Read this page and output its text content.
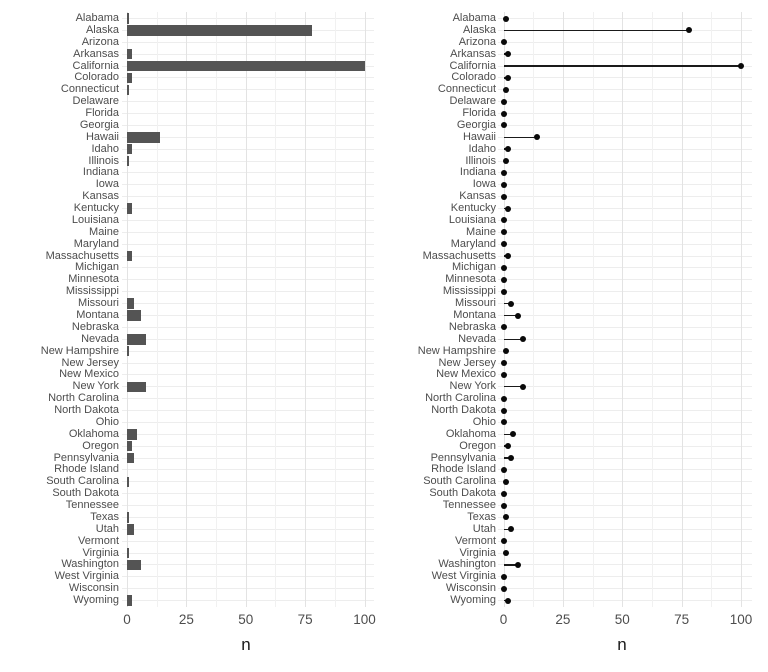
n
Alabama
Alaska
Arizona
Arkansas
California
Colorado
Connecticut
Delaware
Florida
Georgia
Hawaii
Idaho
Illinois
Indiana
Iowa
Kansas
Kentucky
Louisiana
Maine
Maryland
Massachusetts
Michigan
Minnesota
Mississippi
Missouri
Montana
Nebraska
Nevada
New Hampshire
New Jersey
New Mexico
New York
North Carolina
North Dakota
Ohio
Oklahoma
Oregon
Pennsylvania
Rhode Island
South Carolina
South Dakota
Tennessee
Texas
Utah
Vermont
Virginia
Washington
West Virginia
Wisconsin
Wyoming
0	25	50	75	100
n
Alabama
Alaska
Arizona
Arkansas
California
Colorado
Connecticut
Delaware
Florida
Georgia
Hawaii
Idaho
Illinois
Indiana
Iowa
Kansas
Kentucky
Louisiana
Maine
Maryland
Massachusetts
Michigan
Minnesota
Mississippi
Missouri
Montana
Nebraska
Nevada
New Hampshire
New Jersey
New Mexico
New York
North Carolina
North Dakota
Ohio
Oklahoma
Oregon
Pennsylvania
Rhode Island
South Carolina
South Dakota
Tennessee
Texas
Utah
Vermont
Virginia
Washington
West Virginia
Wisconsin
Wyoming
0	25	50	75	100
